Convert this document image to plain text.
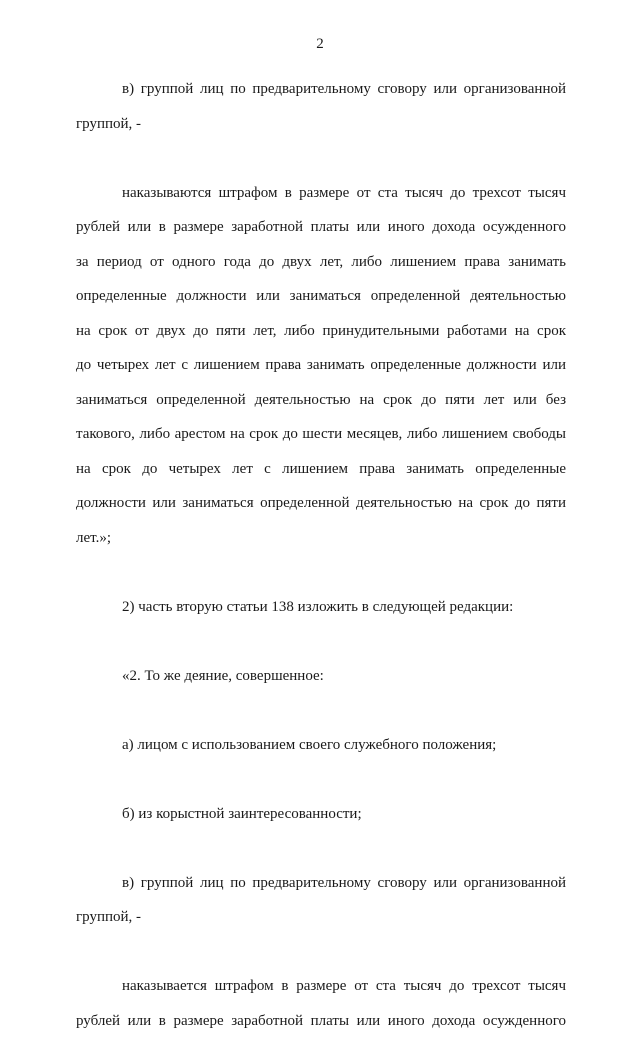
2
в) группой лиц по предварительному сговору или организованной
группой, -
наказываются штрафом в размере от ста тысяч до трехсот тысяч
рублей или в размере заработной платы или иного дохода осужденного
за период от одного года до двух лет, либо лишением права занимать
определенные должности или заниматься определенной деятельностью
на срок от двух до пяти лет, либо принудительными работами на срок
до четырех лет с лишением права занимать определенные должности или
заниматься определенной деятельностью на срок до пяти лет или без
такового, либо арестом на срок до шести месяцев, либо лишением свободы
на срок до четырех лет с лишением права занимать определенные
должности или заниматься определенной деятельностью на срок до пяти
лет.»;
2) часть вторую статьи 138 изложить в следующей редакции:
«2. То же деяние, совершенное:
а) лицом с использованием своего служебного положения;
б) из корыстной заинтересованности;
в) группой лиц по предварительному сговору или организованной
группой, -
наказывается штрафом в размере от ста тысяч до трехсот тысяч
рублей или в размере заработной платы или иного дохода осужденного
